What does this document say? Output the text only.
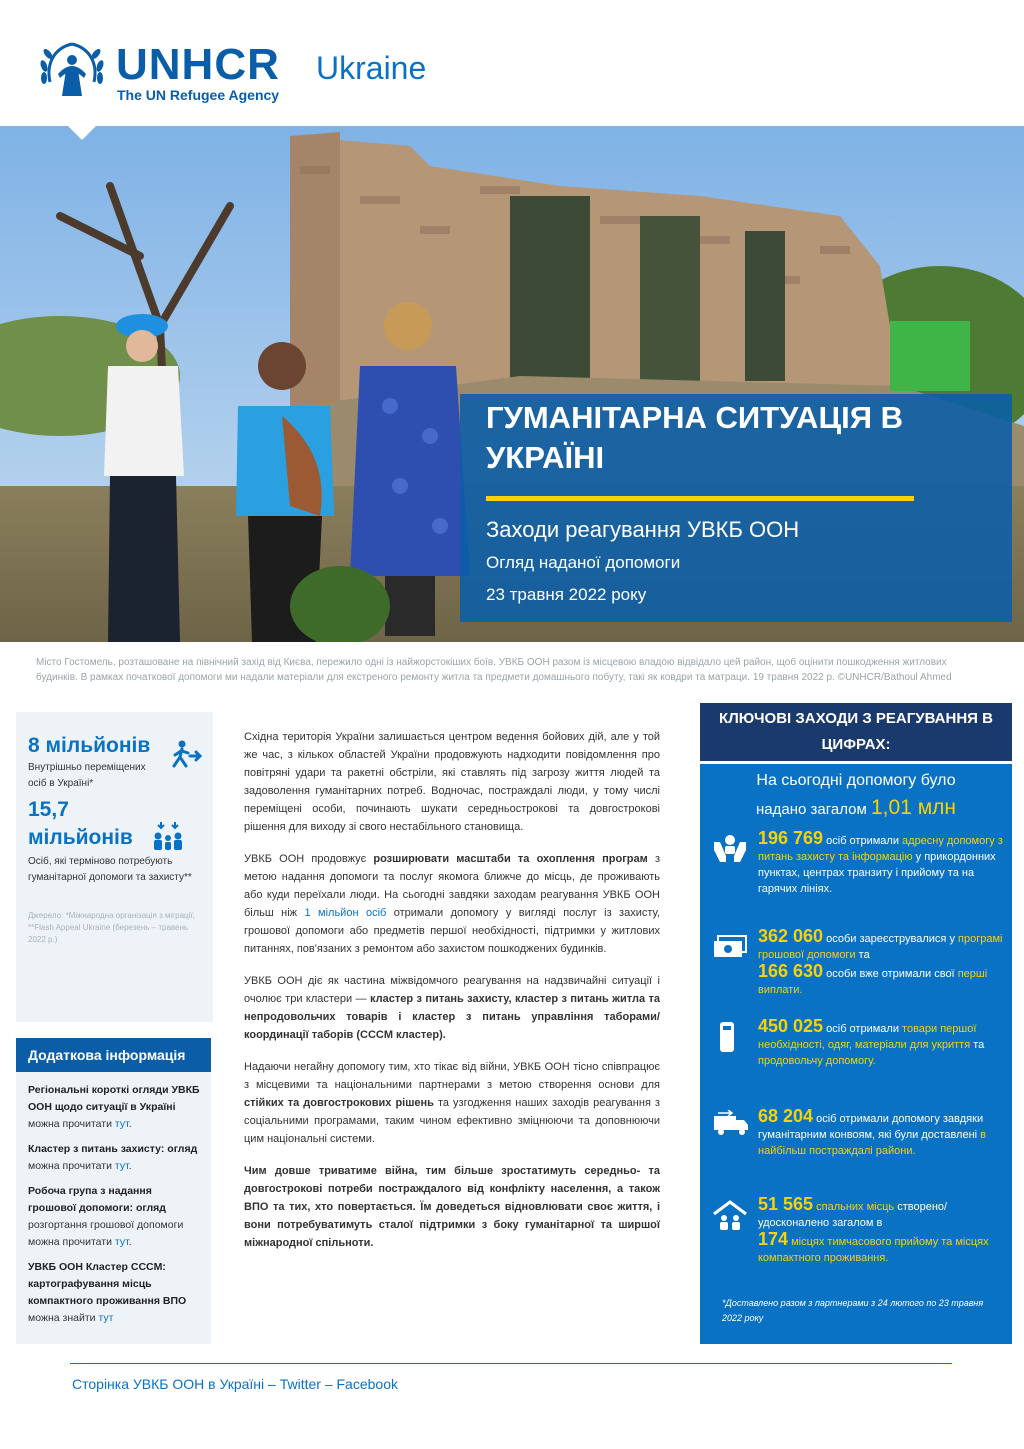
UNHCR
The UN Refugee Agency
Ukraine
ГУМАНІТАРНА СИТУАЦІЯ В УКРАЇНІ
Заходи реагування УВКБ ООН
Огляд наданої допомоги
23 травня 2022 року
Місто Гостомель, розташоване на північний захід від Києва, пережило одні із найжорстокіших боїв. УВКБ ООН разом із місцевою владою відвідало цей район, щоб оцінити пошкодження житлових будинків. В рамках початкової допомоги ми надали матеріали для екстреного ремонту житла та предмети домашнього побуту, такі як ковдри та матраци. 19 травня 2022 р. ©UNHCR/Bathoul Ahmed
8 мільйонів
Внутрішньо переміщених осіб в Україні*
15,7 мільйонів
Осіб, які терміново потребують гуманітарної допомоги та захисту**
Джерело: *Міжнародна організація з міграції; **Flash Appeal Ukraine (березень – травень 2022 р.)
Додаткова інформація
Регіональні короткі огляди УВКБ ООН щодо ситуації в Україні можна прочитати тут.
Кластер з питань захисту: огляд можна прочитати тут.
Робоча група з надання грошової допомоги: огляд розгортання грошової допомоги можна прочитати тут.
УВКБ ООН Кластер CCCM: картографування місць компактного проживання ВПО можна знайти тут

Східна територія України залишається центром ведення бойових дій, але у той же час, з кількох областей України продовжують надходити повідомлення про повітряні удари та ракетні обстріли, які ставлять під загрозу життя людей та задоволення гуманітарних потреб. Водночас, постраждалі люди, у тому числі переміщені особи, починають шукати середньострокові та довгострокові рішення для виходу зі свого нестабільного становища.

УВКБ ООН продовжує розширювати масштаби та охоплення програм з метою надання допомоги та послуг якомога ближче до місць, де проживають або куди переїхали люди. На сьогодні завдяки заходам реагування УВКБ ООН більш ніж 1 мільйон осіб отримали допомогу у вигляді послуг із захисту, грошової допомоги або предметів першої необхідності, підтримки у житлових питаннях, пов'язаних з ремонтом або захистом пошкоджених будинків.

УВКБ ООН діє як частина міжвідомчого реагування на надзвичайні ситуації і очолює три кластери — кластер з питань захисту, кластер з питань житла та непродовольчих товарів і кластер з питань управління таборами/координації таборів (CCCM кластер).

Надаючи негайну допомогу тим, хто тікає від війни, УВКБ ООН тісно співпрацює з місцевими та національними партнерами з метою створення основи для стійких та довгострокових рішень та узгодження наших заходів реагування з соціальними програмами, таким чином ефективно зміцнюючи та доповнюючи цим національні системи.

Чим довше триватиме війна, тим більше зростатимуть середньо- та довгострокові потреби постраждалого від конфлікту населення, а також ВПО та тих, хто повертається. Їм доведеться відновлювати своє життя, і вони потребуватимуть сталої підтримки з боку гуманітарної та ширшої міжнародної спільноти.

КЛЮЧОВІ ЗАХОДИ З РЕАГУВАННЯ В ЦИФРАХ:
На сьогодні допомогу було
надано загалом 1,01 млн
196 769 осіб отримали адресну допомогу з питань захисту та інформацію у прикордонних пунктах, центрах транзиту і прийому та на гарячих лініях.
362 060 особи зареєструвалися у програмі грошової допомоги та
166 630 особи вже отримали свої перші виплати.
450 025 осіб отримали товари першої необхідності, одяг, матеріали для укриття та продовольчу допомогу.
68 204 осіб отримали допомогу завдяки гуманітарним конвоям, які були доставлені в найбільш постраждалі райони.
51 565 спальних місць створено/удосконалено загалом в
174 місцях тимчасового прийому та місцях компактного проживання.
*Доставлено разом з партнерами з 24 лютого по 23 травня 2022 року
Сторінка УВКБ ООН в Україні – Twitter – Facebook
